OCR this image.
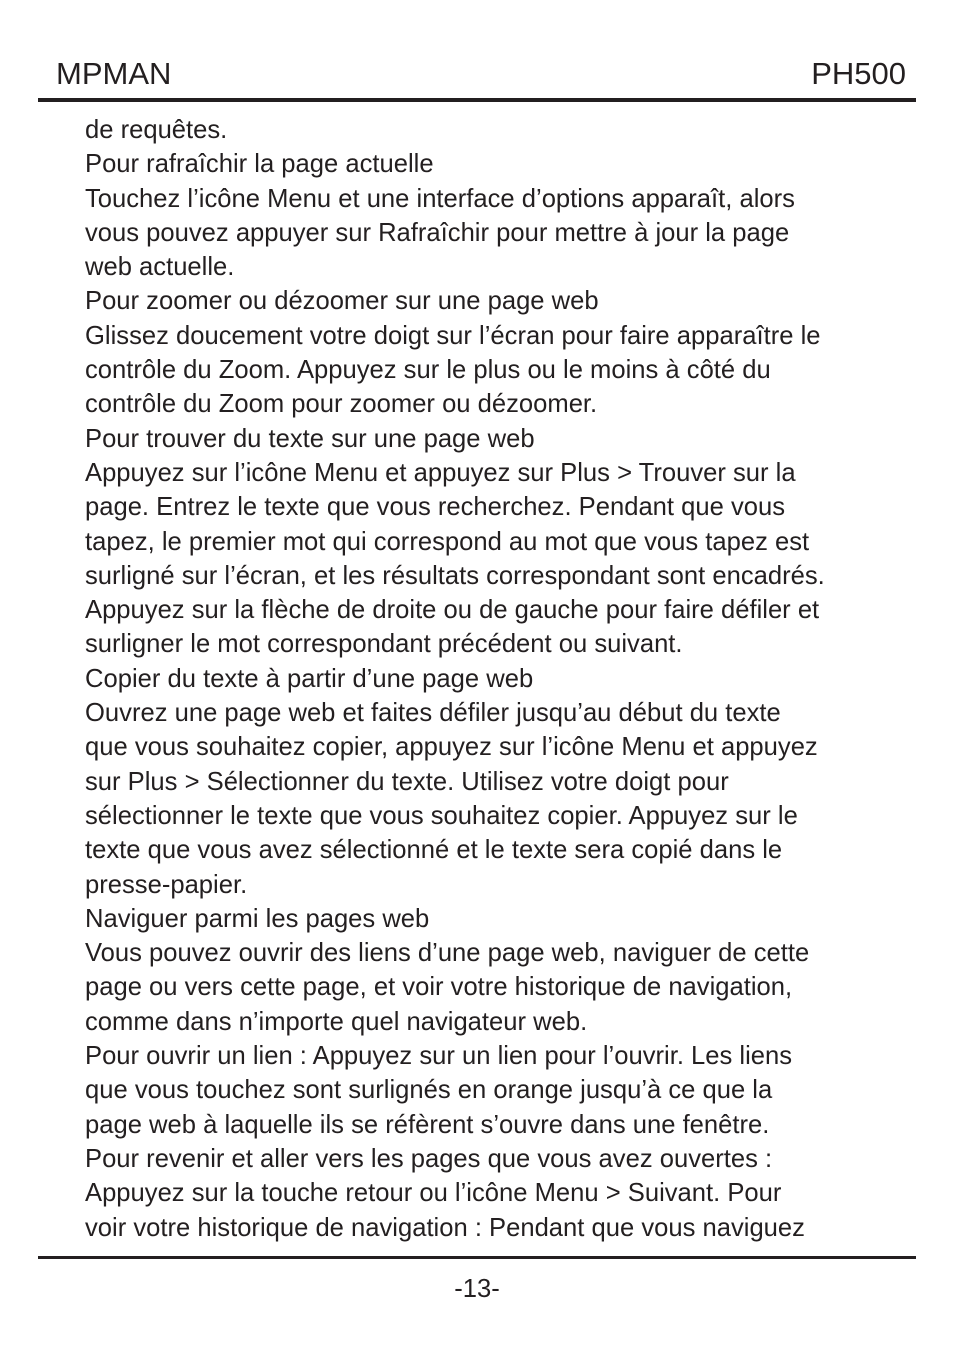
MPMAN	PH500
de requêtes.
Pour rafraîchir la page actuelle
Touchez l’icône Menu et une interface d’options apparaît, alors
vous pouvez appuyer sur Rafraîchir pour mettre à jour la page
web actuelle.
Pour zoomer ou dézoomer sur une page web
Glissez doucement votre doigt sur l’écran pour faire apparaître le
contrôle du Zoom. Appuyez sur le plus ou le moins à côté du
contrôle du Zoom pour zoomer ou dézoomer.
Pour trouver du texte sur une page web
Appuyez sur l’icône Menu et appuyez sur Plus > Trouver sur la
page. Entrez le texte que vous recherchez. Pendant que vous
tapez, le premier mot qui correspond au mot que vous tapez est
surligné sur l’écran, et les résultats correspondant sont encadrés.
Appuyez sur la flèche de droite ou de gauche pour faire défiler et
surligner le mot correspondant précédent ou suivant.
Copier du texte à partir d’une page web
Ouvrez une page web et faites défiler jusqu’au début du texte
que vous souhaitez copier, appuyez sur l’icône Menu et appuyez
sur Plus > Sélectionner du texte. Utilisez votre doigt pour
sélectionner le texte que vous souhaitez copier. Appuyez sur le
texte que vous avez sélectionné et le texte sera copié dans le
presse-papier.
Naviguer parmi les pages web
Vous pouvez ouvrir des liens d’une page web, naviguer de cette
page ou vers cette page, et voir votre historique de navigation,
comme dans n’importe quel navigateur web.
Pour ouvrir un lien : Appuyez sur un lien pour l’ouvrir. Les liens
que vous touchez sont surlignés en orange jusqu’à ce que la
page web à laquelle ils se réfèrent s’ouvre dans une fenêtre.
Pour revenir et aller vers les pages que vous avez ouvertes :
Appuyez sur la touche retour ou l’icône Menu > Suivant. Pour
voir votre historique de navigation : Pendant que vous naviguez
-13-
